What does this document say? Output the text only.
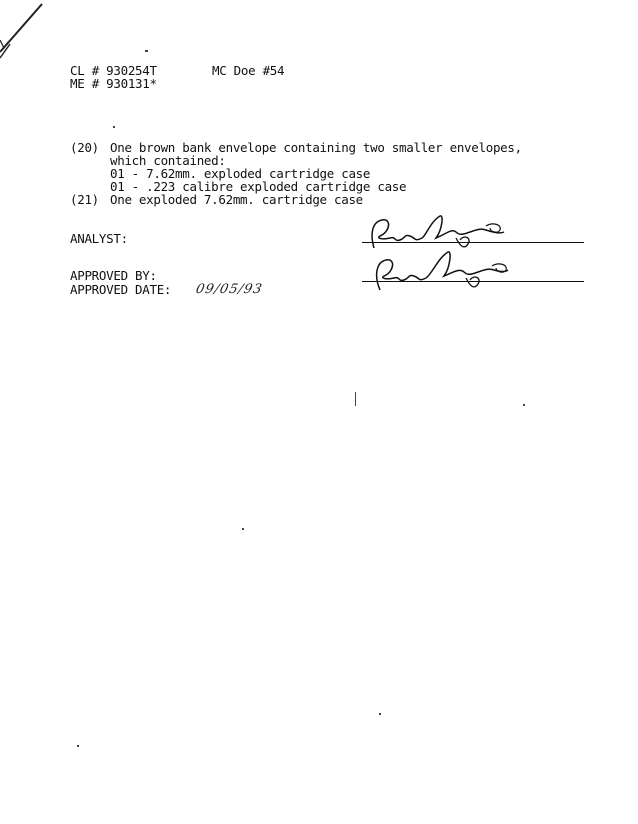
CL # 930254T	MC Doe #54
ME # 930131*
(20) One brown bank envelope containing two smaller envelopes,
which contained:
01 - 7.62mm. exploded cartridge case
01 - .223 calibre exploded cartridge case
(21) One exploded 7.62mm. cartridge case
ANALYST:
APPROVED BY:
APPROVED DATE: 09/05/93
